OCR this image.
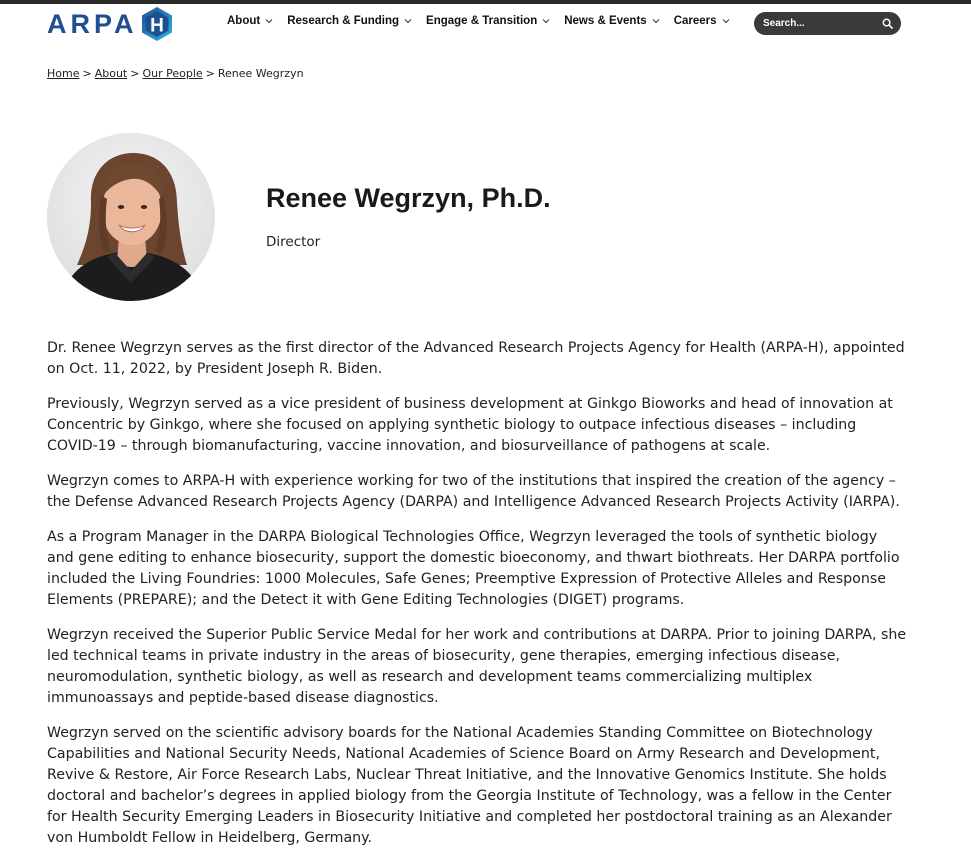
ARPA H	About Research & Funding Engage & Transition News & Events Careers
Search...
Home > About > Our People > Renee Wegrzyn
Renee Wegrzyn, Ph.D.
Director

Dr. Renee Wegrzyn serves as the first director of the Advanced Research Projects Agency for Health (ARPA-H), appointed on Oct. 11, 2022, by President Joseph R. Biden.

Previously, Wegrzyn served as a vice president of business development at Ginkgo Bioworks and head of innovation at Concentric by Ginkgo, where she focused on applying synthetic biology to outpace infectious diseases – including COVID-19 – through biomanufacturing, vaccine innovation, and biosurveillance of pathogens at scale.

Wegrzyn comes to ARPA-H with experience working for two of the institutions that inspired the creation of the agency – the Defense Advanced Research Projects Agency (DARPA) and Intelligence Advanced Research Projects Activity (IARPA).

As a Program Manager in the DARPA Biological Technologies Office, Wegrzyn leveraged the tools of synthetic biology and gene editing to enhance biosecurity, support the domestic bioeconomy, and thwart biothreats. Her DARPA portfolio included the Living Foundries: 1000 Molecules, Safe Genes; Preemptive Expression of Protective Alleles and Response Elements (PREPARE); and the Detect it with Gene Editing Technologies (DIGET) programs.

Wegrzyn received the Superior Public Service Medal for her work and contributions at DARPA. Prior to joining DARPA, she led technical teams in private industry in the areas of biosecurity, gene therapies, emerging infectious disease, neuromodulation, synthetic biology, as well as research and development teams commercializing multiplex immunoassays and peptide-based disease diagnostics.

Wegrzyn served on the scientific advisory boards for the National Academies Standing Committee on Biotechnology Capabilities and National Security Needs, National Academies of Science Board on Army Research and Development, Revive & Restore, Air Force Research Labs, Nuclear Threat Initiative, and the Innovative Genomics Institute. She holds doctoral and bachelor’s degrees in applied biology from the Georgia Institute of Technology, was a fellow in the Center for Health Security Emerging Leaders in Biosecurity Initiative and completed her postdoctoral training as an Alexander von Humboldt Fellow in Heidelberg, Germany.
